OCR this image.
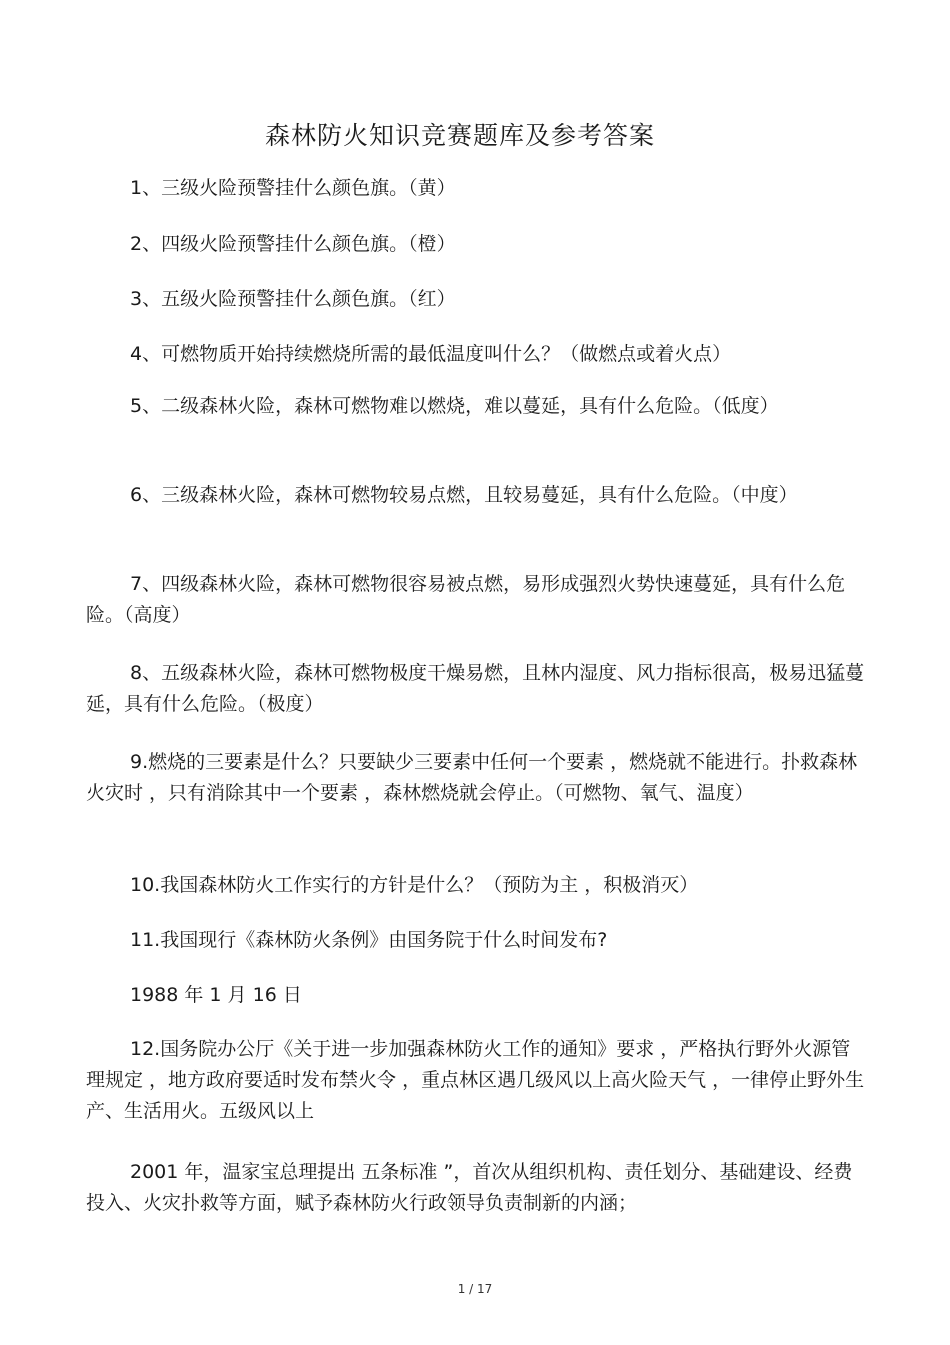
森林防火知识竞赛题库及参考答案

1、三级火险预警挂什么颜色旗。（黄）

2、四级火险预警挂什么颜色旗。（橙）

3、五级火险预警挂什么颜色旗。（红）

4、可燃物质开始持续燃烧所需的最低温度叫什么？（做燃点或着火点）

5、二级森林火险，森林可燃物难以燃烧，难以蔓延，具有什么危险。（低度）

6、三级森林火险，森林可燃物较易点燃，且较易蔓延，具有什么危险。（中度）

7、四级森林火险，森林可燃物很容易被点燃，易形成强烈火势快速蔓延，具有什么危险。（高度）

8、五级森林火险，森林可燃物极度干燥易燃，且林内湿度、风力指标很高，极易迅猛蔓延，具有什么危险。（极度）

9.燃烧的三要素是什么？只要缺少三要素中任何一个要素 ，燃烧就不能进行。扑救森林火灾时 ，只有消除其中一个要素 ，森林燃烧就会停止。（可燃物、氧气、温度）

10.我国森林防火工作实行的方针是什么？（预防为主 ，积极消灭）

11.我国现行《森林防火条例》由国务院于什么时间发布?

1988 年 1 月 16 日

12.国务院办公厅《关于进一步加强森林防火工作的通知》要求 ，严格执行野外火源管理规定 ，地方政府要适时发布禁火令 ，重点林区遇几级风以上高火险天气 ，一律停止野外生产、生活用火。五级风以上

2001 年，温家宝总理提出 五条标准 ”，首次从组织机构、责任划分、基础建设、经费投入、火灾扑救等方面，赋予森林防火行政领导负责制新的内涵；

1 / 17
